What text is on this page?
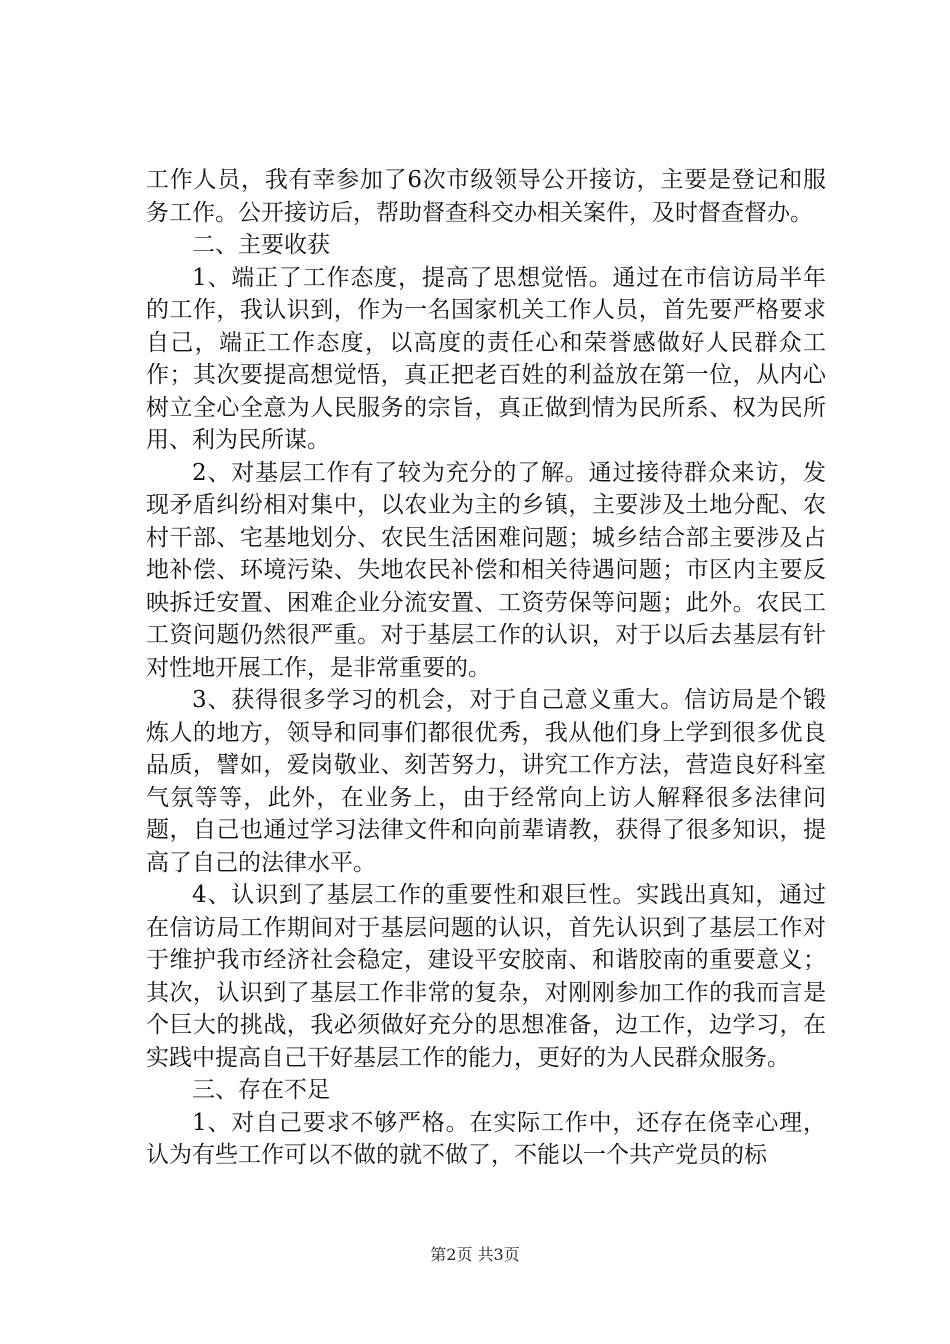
工作人员，我有幸参加了6次市级领导公开接访，主要是登记和服务工作。公开接访后，帮助督查科交办相关案件，及时督查督办。

二、主要收获

1、端正了工作态度，提高了思想觉悟。通过在市信访局半年的工作，我认识到，作为一名国家机关工作人员，首先要严格要求自己，端正工作态度，以高度的责任心和荣誉感做好人民群众工作；其次要提高想觉悟，真正把老百姓的利益放在第一位，从内心树立全心全意为人民服务的宗旨，真正做到情为民所系、权为民所用、利为民所谋。

2、对基层工作有了较为充分的了解。通过接待群众来访，发现矛盾纠纷相对集中，以农业为主的乡镇，主要涉及土地分配、农村干部、宅基地划分、农民生活困难问题；城乡结合部主要涉及占地补偿、环境污染、失地农民补偿和相关待遇问题；市区内主要反映拆迁安置、困难企业分流安置、工资劳保等问题；此外。农民工工资问题仍然很严重。对于基层工作的认识，对于以后去基层有针对性地开展工作，是非常重要的。

3、获得很多学习的机会，对于自己意义重大。信访局是个锻炼人的地方，领导和同事们都很优秀，我从他们身上学到很多优良品质，譬如，爱岗敬业、刻苦努力，讲究工作方法，营造良好科室气氛等等，此外，在业务上，由于经常向上访人解释很多法律问题，自己也通过学习法律文件和向前辈请教，获得了很多知识，提高了自己的法律水平。

4、认识到了基层工作的重要性和艰巨性。实践出真知，通过在信访局工作期间对于基层问题的认识，首先认识到了基层工作对于维护我市经济社会稳定，建设平安胶南、和谐胶南的重要意义；其次，认识到了基层工作非常的复杂，对刚刚参加工作的我而言是个巨大的挑战，我必须做好充分的思想准备，边工作，边学习，在实践中提高自己干好基层工作的能力，更好的为人民群众服务。

三、存在不足

1、对自己要求不够严格。在实际工作中，还存在侥幸心理，认为有些工作可以不做的就不做了，不能以一个共产党员的标

第2页 共3页
